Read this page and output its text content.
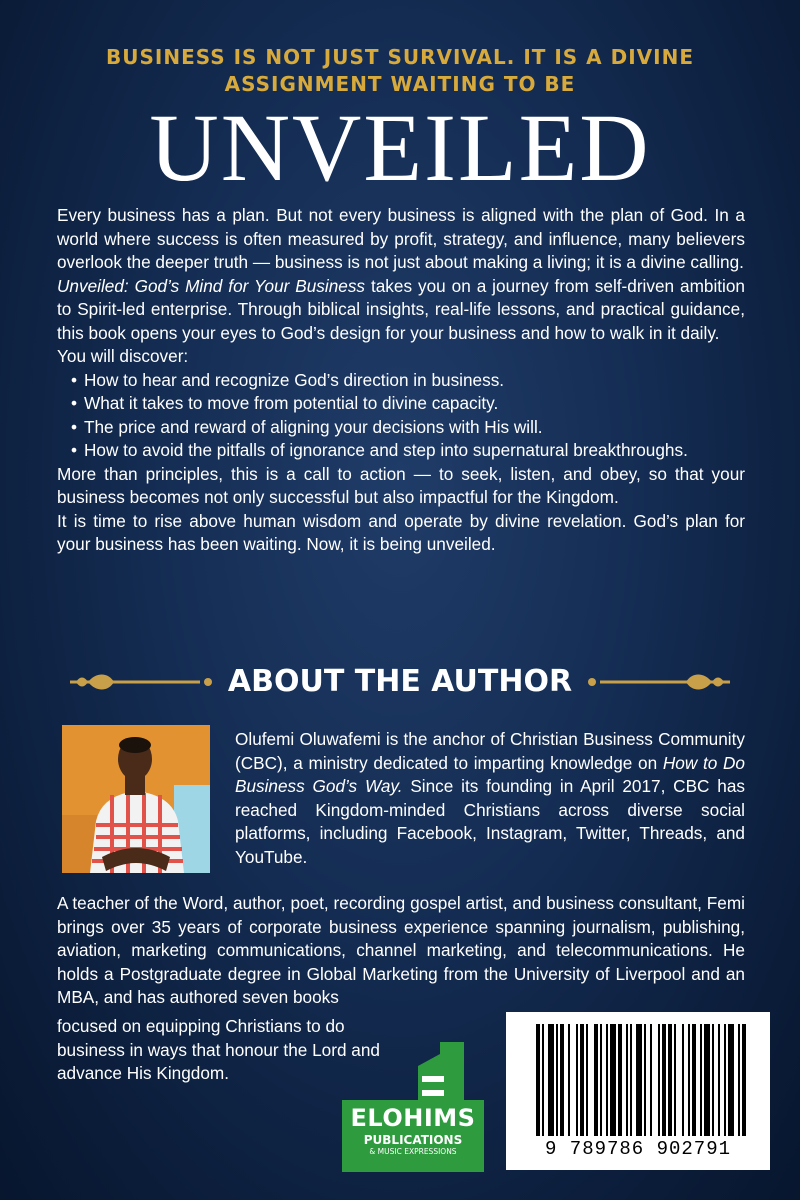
BUSINESS IS NOT JUST SURVIVAL. IT IS A DIVINE
ASSIGNMENT WAITING TO BE
UNVEILED

Every business has a plan. But not every business is aligned with the plan of God. In a world where success is often measured by profit, strategy, and influence, many believers overlook the deeper truth — business is not just about making a living; it is a divine calling.

Unveiled: God’s Mind for Your Business takes you on a journey from self-driven ambition to Spirit-led enterprise. Through biblical insights, real-life lessons, and practical guidance, this book opens your eyes to God’s design for your business and how to walk in it daily.

You will discover:

• How to hear and recognize God’s direction in business.
• What it takes to move from potential to divine capacity.
• The price and reward of aligning your decisions with His will.
• How to avoid the pitfalls of ignorance and step into supernatural breakthroughs.

More than principles, this is a call to action — to seek, listen, and obey, so that your business becomes not only successful but also impactful for the Kingdom.

It is time to rise above human wisdom and operate by divine revelation. God’s plan for your business has been waiting. Now, it is being unveiled.

ABOUT THE AUTHOR
Olufemi Oluwafemi is the anchor of Christian Business Community (CBC), a ministry dedicated to imparting knowledge on How to Do Business God’s Way. Since its founding in April 2017, CBC has reached Kingdom-minded Christians across diverse social platforms, including Facebook, Instagram, Twitter, Threads, and YouTube.
A teacher of the Word, author, poet, recording gospel artist, and business consultant, Femi brings over 35 years of corporate business experience spanning journalism, publishing, aviation, marketing communications, channel marketing, and telecommunications. He holds a Postgraduate degree in Global Marketing from the University of Liverpool and an MBA, and has authored seven books
focused on equipping Christians to do business in ways that honour the Lord and advance His Kingdom.
ELOHIMS
PUBLICATIONS
& MUSIC EXPRESSIONS	9 789786 902791
